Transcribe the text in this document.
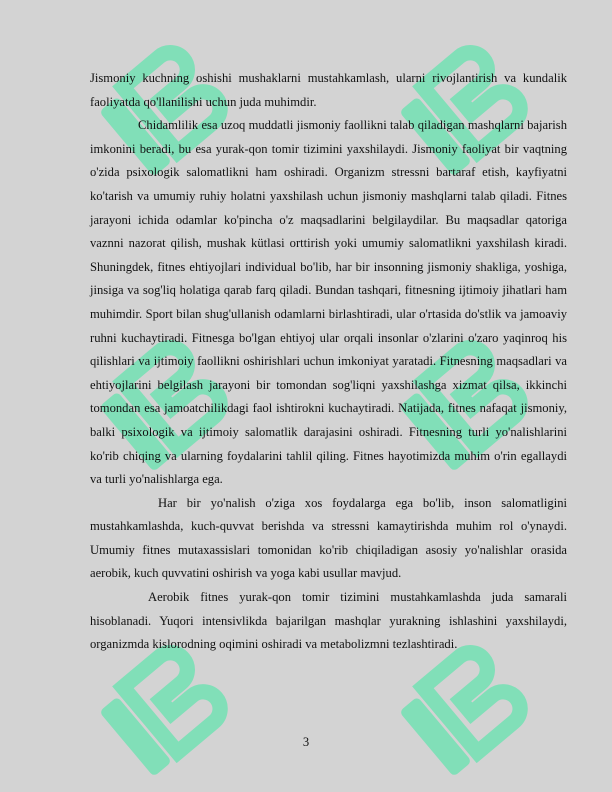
Jismoniy kuchning oshishi mushaklarni mustahkamlash, ularni rivojlantirish va kundalik faoliyatda qo'llanilishi uchun juda muhimdir.

Chidamlilik esa uzoq muddatli jismoniy faollikni talab qiladigan mashqlarni bajarish imkonini beradi, bu esa yurak-qon tomir tizimini yaxshilaydi. Jismoniy faoliyat bir vaqtning o'zida psixologik salomatlikni ham oshiradi. Organizm stressni bartaraf etish, kayfiyatni ko'tarish va umumiy ruhiy holatni yaxshilash uchun jismoniy mashqlarni talab qiladi. Fitnes jarayoni ichida odamlar ko'pincha o'z maqsadlarini belgilaydilar. Bu maqsadlar qatoriga vaznni nazorat qilish, mushak kütlasi orttirish yoki umumiy salomatlikni yaxshilash kiradi. Shuningdek, fitnes ehtiyojlari individual bo'lib, har bir insonning jismoniy shakliga, yoshiga, jinsiga va sog'liq holatiga qarab farq qiladi. Bundan tashqari, fitnesning ijtimoiy jihatlari ham muhimdir. Sport bilan shug'ullanish odamlarni birlashtiradi, ular o'rtasida do'stlik va jamoaviy ruhni kuchaytiradi. Fitnesga bo'lgan ehtiyoj ular orqali insonlar o'zlarini o'zaro yaqinroq his qilishlari va ijtimoiy faollikni oshirishlari uchun imkoniyat yaratadi. Fitnesning maqsadlari va ehtiyojlarini belgilash jarayoni bir tomondan sog'liqni yaxshilashga xizmat qilsa, ikkinchi tomondan esa jamoatchilikdagi faol ishtirokni kuchaytiradi. Natijada, fitnes nafaqat jismoniy, balki psixologik va ijtimoiy salomatlik darajasini oshiradi. Fitnesning turli yo'nalishlarini ko'rib chiqing va ularning foydalarini tahlil qiling. Fitnes hayotimizda muhim o'rin egallaydi va turli yo'nalishlarga ega.

Har bir yo'nalish o'ziga xos foydalarga ega bo'lib, inson salomatligini mustahkamlashda, kuch-quvvat berishda va stressni kamaytirishda muhim rol o'ynaydi. Umumiy fitnes mutaxassislari tomonidan ko'rib chiqiladigan asosiy yo'nalishlar orasida aerobik, kuch quvvatini oshirish va yoga kabi usullar mavjud.

Aerobik fitnes yurak-qon tomir tizimini mustahkamlashda juda samarali hisoblanadi. Yuqori intensivlikda bajarilgan mashqlar yurakning ishlashini yaxshilaydi, organizmda kislorodning oqimini oshiradi va metabolizmni tezlashtiradi.

3
